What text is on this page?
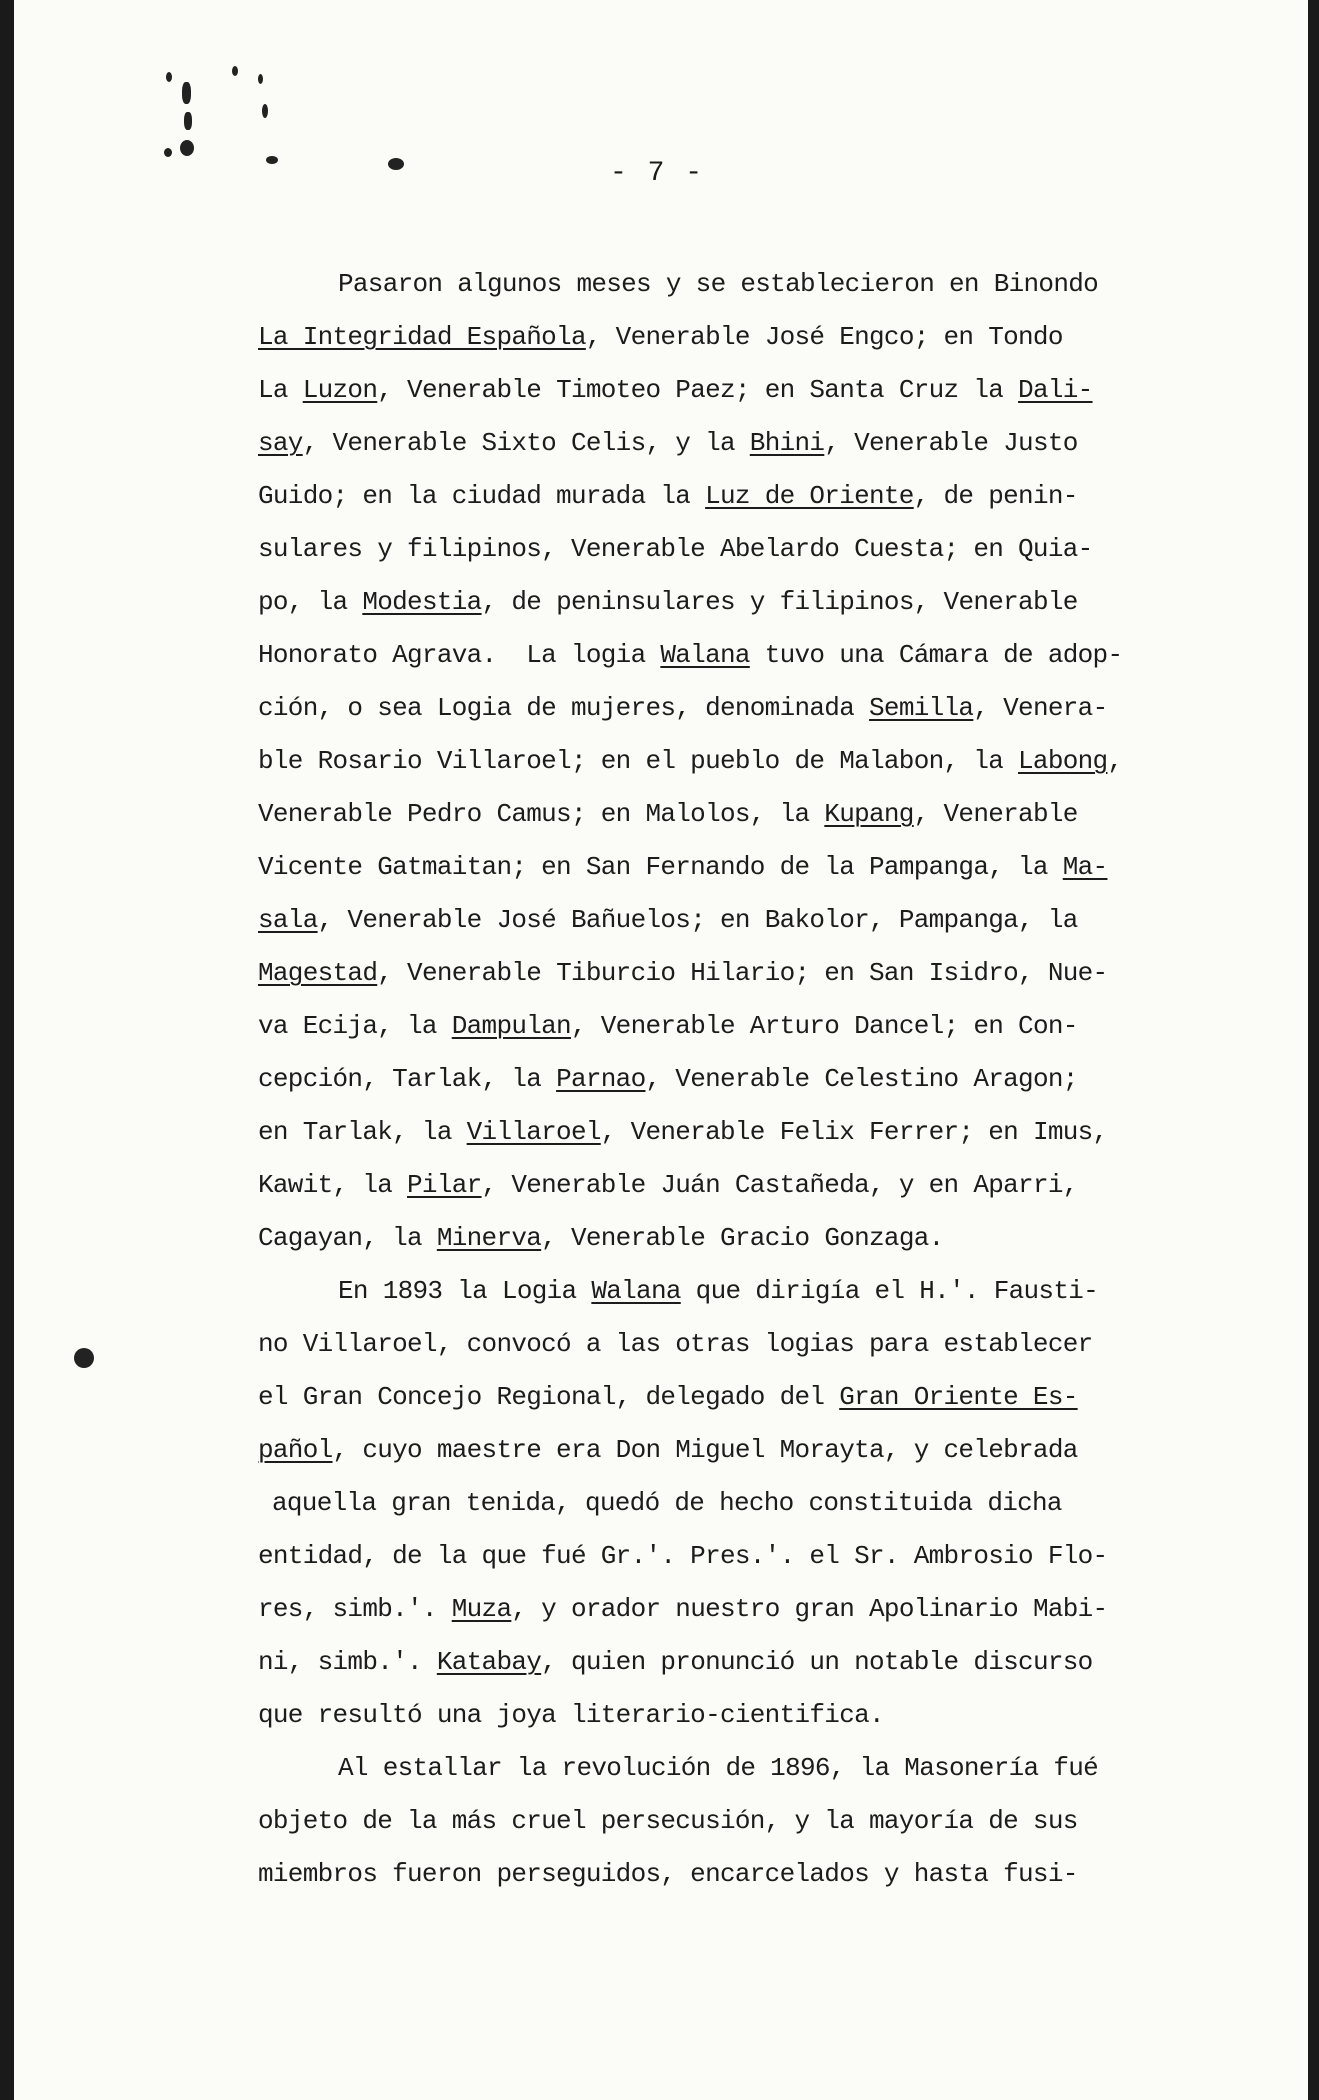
- 7 -
Pasaron algunos meses y se establecieron en Binondo
La Integridad Española, Venerable José Engco; en Tondo
La Luzon, Venerable Timoteo Paez; en Santa Cruz la Dali-
say, Venerable Sixto Celis, y la Bhini, Venerable Justo
Guido; en la ciudad murada la Luz de Oriente, de penin-
sulares y filipinos, Venerable Abelardo Cuesta; en Quia-
po, la Modestia, de peninsulares y filipinos, Venerable
Honorato Agrava.  La logia Walana tuvo una Cámara de adop-
ción, o sea Logia de mujeres, denominada Semilla, Venera-
ble Rosario Villaroel; en el pueblo de Malabon, la Labong,
Venerable Pedro Camus; en Malolos, la Kupang, Venerable
Vicente Gatmaitan; en San Fernando de la Pampanga, la Ma-
sala, Venerable José Bañuelos; en Bakolor, Pampanga, la
Magestad, Venerable Tiburcio Hilario; en San Isidro, Nue-
va Ecija, la Dampulan, Venerable Arturo Dancel; en Con-
cepción, Tarlak, la Parnao, Venerable Celestino Aragon;
en Tarlak, la Villaroel, Venerable Felix Ferrer; en Imus,
Kawit, la Pilar, Venerable Juán Castañeda, y en Aparri,
Cagayan, la Minerva, Venerable Gracio Gonzaga.
En 1893 la Logia Walana que dirigía el H.'. Fausti-
no Villaroel, convocó a las otras logias para establecer
el Gran Concejo Regional, delegado del Gran Oriente Es-
pañol, cuyo maestre era Don Miguel Morayta, y celebrada
aquella gran tenida, quedó de hecho constituida dicha
entidad, de la que fué Gr.'. Pres.'. el Sr. Ambrosio Flo-
res, simb.'. Muza, y orador nuestro gran Apolinario Mabi-
ni, simb.'. Katabay, quien pronunció un notable discurso
que resultó una joya literario-cientifica.
Al estallar la revolución de 1896, la Masonería fué
objeto de la más cruel persecusión, y la mayoría de sus
miembros fueron perseguidos, encarcelados y hasta fusi-
